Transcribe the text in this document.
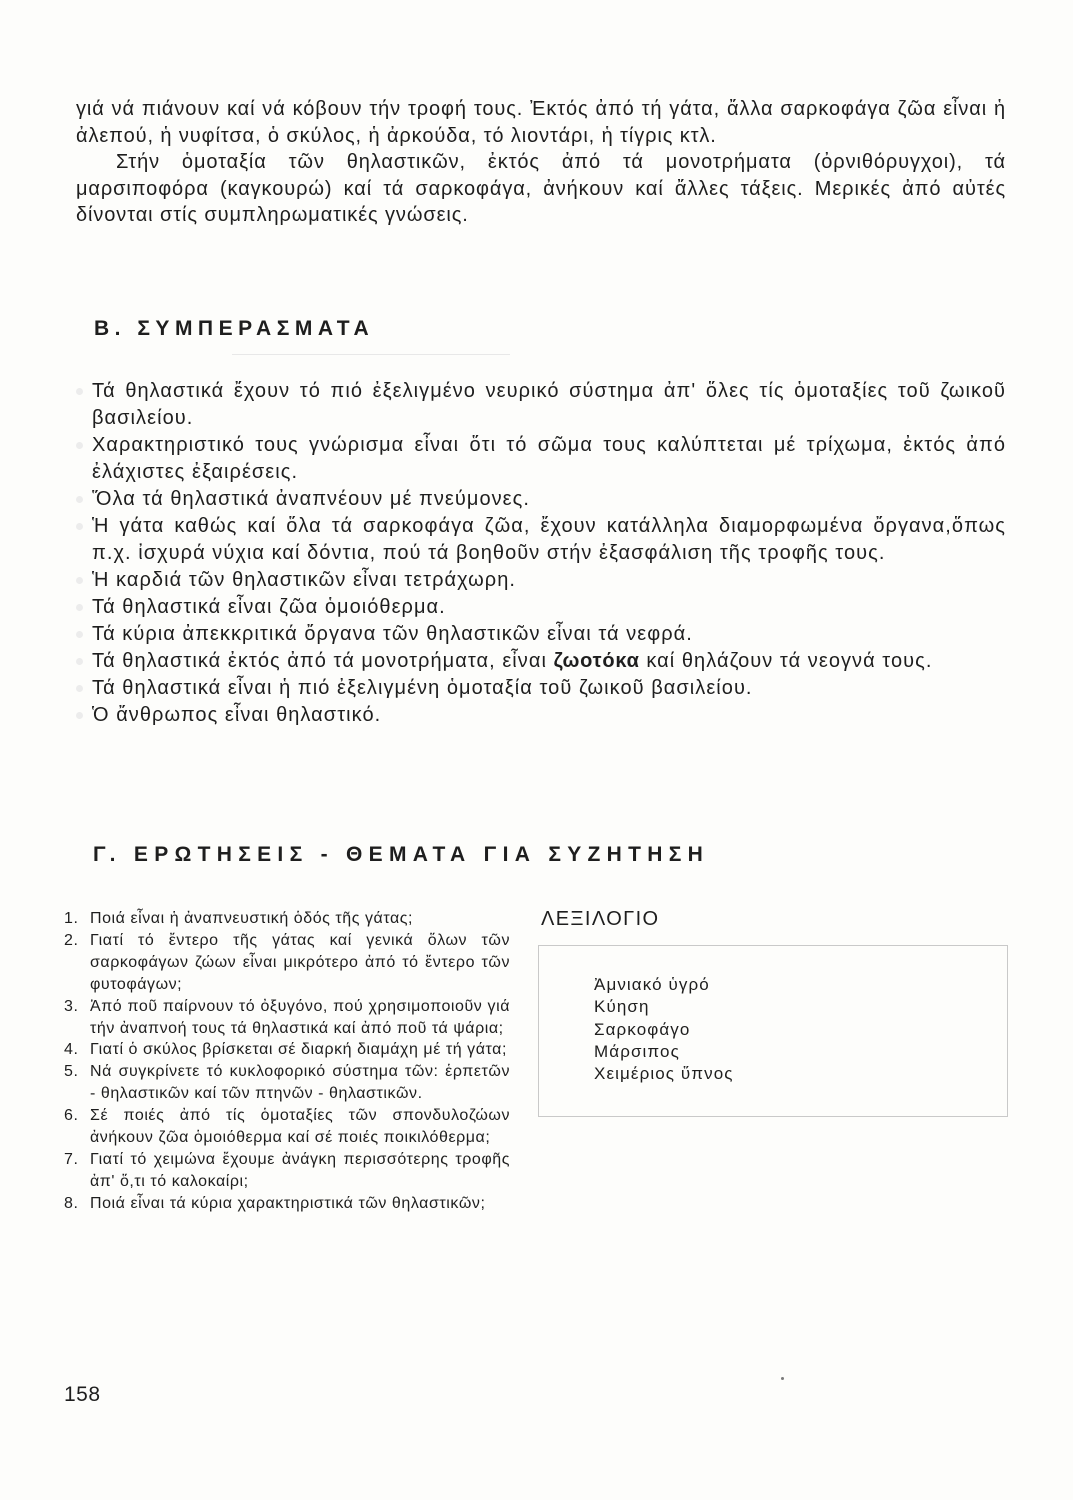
γιά νά πιάνουν καί νά κόβουν τήν τροφή τους. Ἐκτός ἀπό τή γάτα, ἄλλα σαρκοφάγα ζῶα εἶναι ἡ ἀλεπού, ἡ νυφίτσα, ὁ σκύλος, ἡ ἀρκούδα, τό λιοντάρι, ἡ τίγρις κτλ.

Στήν ὁμοταξία τῶν θηλαστικῶν, ἐκτός ἀπό τά μονοτρήματα (ὀρνιθόρυγχοι), τά μαρσιποφόρα (καγκουρώ) καί τά σαρκοφάγα, ἀνήκουν καί ἄλλες τάξεις. Μερικές ἀπό αὐτές δίνονται στίς συμπληρωματικές γνώσεις.

Β. ΣΥΜΠΕΡΑΣΜΑΤΑ
Τά θηλαστικά ἔχουν τό πιό ἐξελιγμένο νευρικό σύστημα ἀπ' ὅλες τίς ὁμοταξίες τοῦ ζωικοῦ βασιλείου.
Χαρακτηριστικό τους γνώρισμα εἶναι ὅτι τό σῶμα τους καλύπτεται μέ τρίχωμα, ἐκτός ἀπό ἐλάχιστες ἐξαιρέσεις.
Ὅλα τά θηλαστικά ἀναπνέουν μέ πνεύμονες.
Ἡ γάτα καθώς καί ὅλα τά σαρκοφάγα ζῶα, ἔχουν κατάλληλα διαμορφωμένα ὄργανα,ὅπως π.χ. ἰσχυρά νύχια καί δόντια, πού τά βοηθοῦν στήν ἐξασφάλιση τῆς τροφῆς τους.
Ἡ καρδιά τῶν θηλαστικῶν εἶναι τετράχωρη.
Τά θηλαστικά εἶναι ζῶα ὁμοιόθερμα.
Τά κύρια ἀπεκκριτικά ὄργανα τῶν θηλαστικῶν εἶναι τά νεφρά.
Τά θηλαστικά ἐκτός ἀπό τά μονοτρήματα, εἶναι ζωοτόκα καί θηλάζουν τά νεογνά τους.
Τά θηλαστικά εἶναι ἡ πιό ἐξελιγμένη ὁμοταξία τοῦ ζωικοῦ βασιλείου.
Ὁ ἄνθρωπος εἶναι θηλαστικό.
Γ. ΕΡΩΤΗΣΕΙΣ - ΘΕΜΑΤΑ ΓΙΑ ΣΥΖΗΤΗΣΗ
1. Ποιά εἶναι ἡ ἀναπνευστική ὁδός τῆς γάτας;
2. Γιατί τό ἔντερο τῆς γάτας καί γενικά ὅλων τῶν σαρκοφάγων ζώων εἶναι μικρότερο ἀπό τό ἔντερο τῶν φυτοφάγων;
3. Ἀπό ποῦ παίρνουν τό ὀξυγόνο, πού χρησιμοποιοῦν γιά τήν ἀναπνοή τους τά θηλαστικά καί ἀπό ποῦ τά ψάρια;
4. Γιατί ὁ σκύλος βρίσκεται σέ διαρκή διαμάχη μέ τή γάτα;
5. Νά συγκρίνετε τό κυκλοφορικό σύστημα τῶν: ἑρπετῶν - θηλαστικῶν καί τῶν πτηνῶν - θηλαστικῶν.
6. Σέ ποιές ἀπό τίς ὁμοταξίες τῶν σπονδυλοζώων ἀνήκουν ζῶα ὁμοιόθερμα καί σέ ποιές ποικιλόθερμα;
7. Γιατί τό χειμώνα ἔχουμε ἀνάγκη περισσότερης τροφῆς ἀπ' ὅ,τι τό καλοκαίρι;
8. Ποιά εἶναι τά κύρια χαρακτηριστικά τῶν θηλαστικῶν;
ΛΕΞΙΛΟΓΙΟ
Ἀμνιακό ὑγρό
Κύηση
Σαρκοφάγο
Μάρσιπος
Χειμέριος ὕπνος

158
